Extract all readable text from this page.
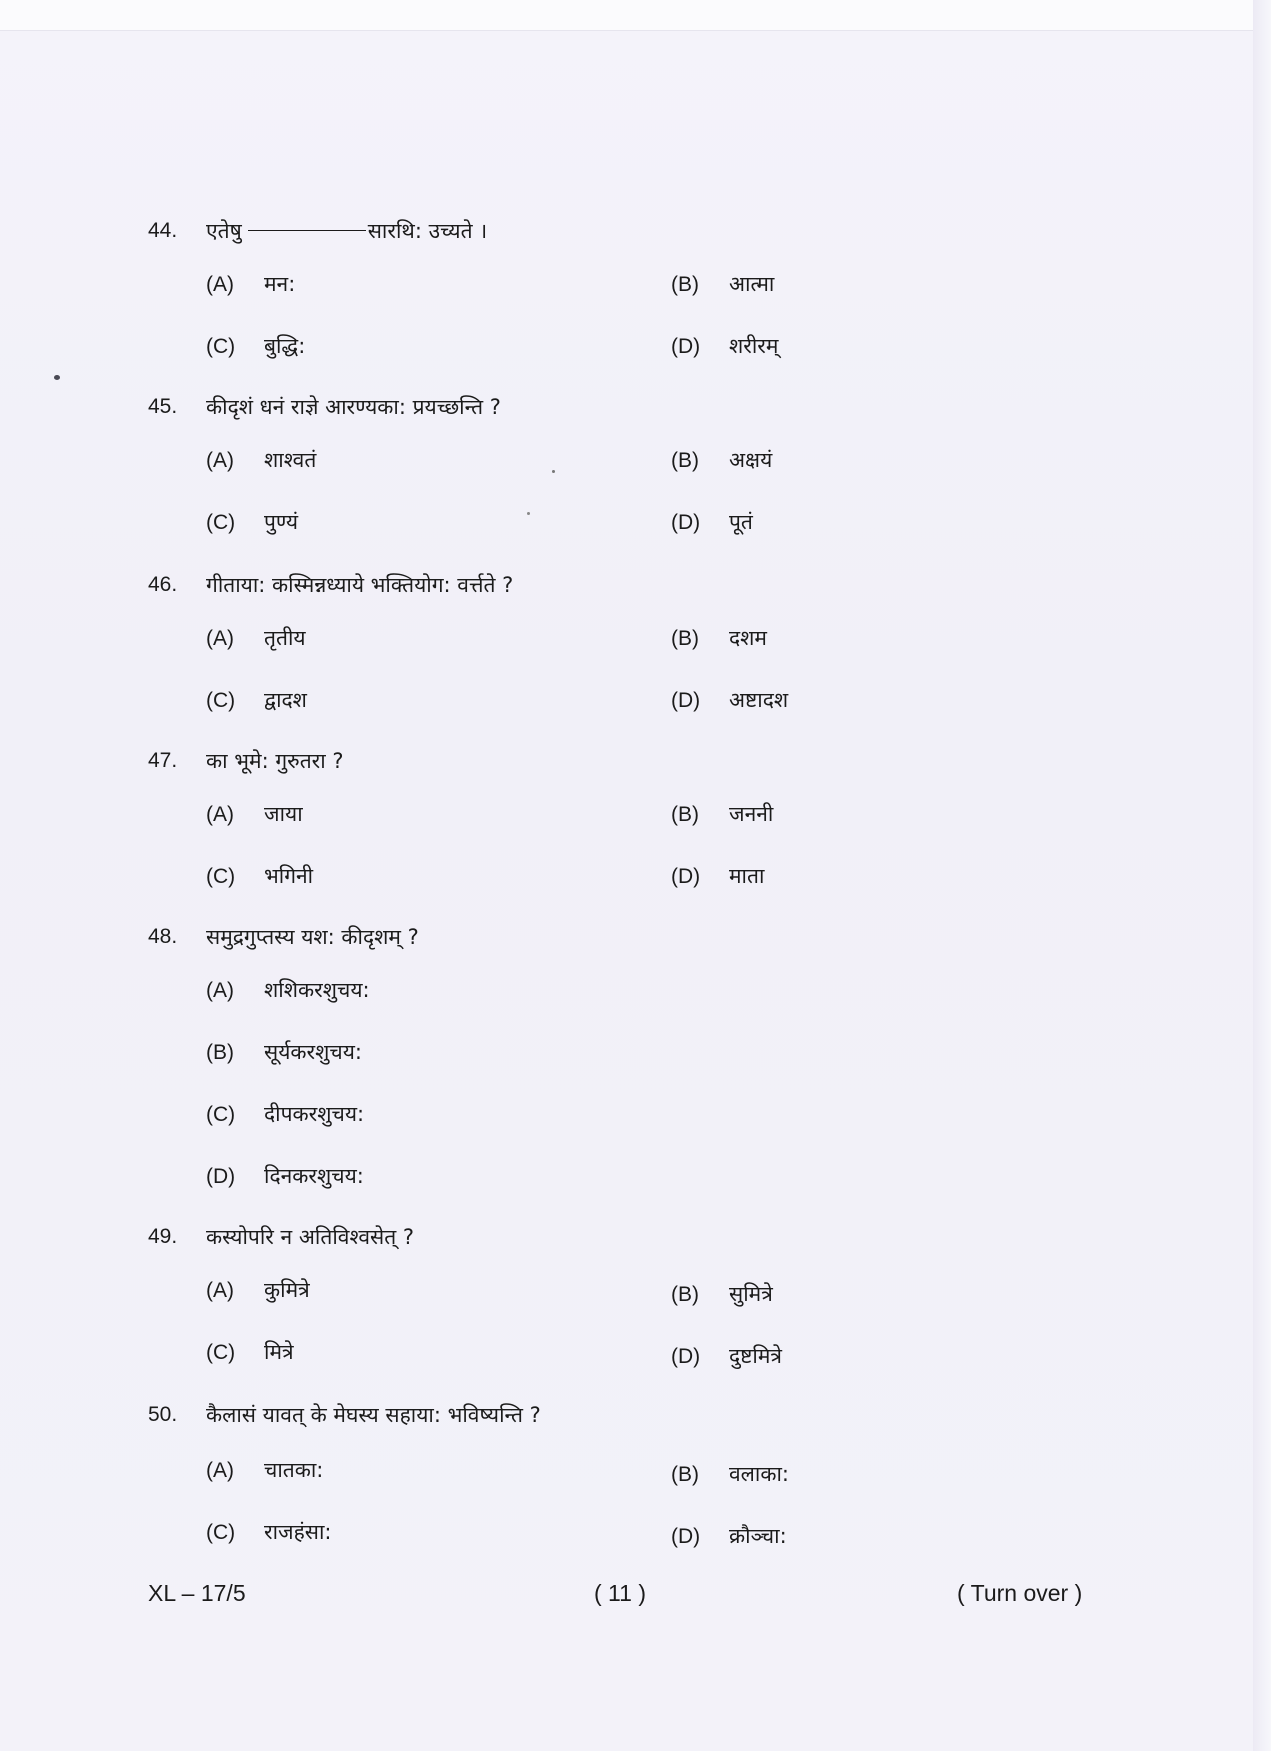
44. एतेषु	सारथि: उच्यते ।
(A) मन:	(B) आत्मा
(C) बुद्धि:	(D) शरीरम्
45. कीदृशं धनं राज्ञे आरण्यका: प्रयच्छन्ति ?
(A) शाश्वतं	(B) अक्षयं
(C) पुण्यं	(D) पूतं
46. गीताया: कस्मिन्नध्याये भक्तियोग: वर्त्तते ?
(A) तृतीय	(B) दशम
(C) द्वादश	(D) अष्टादश
47. का भूमे: गुरुतरा ?
(A) जाया	(B) जननी
(C) भगिनी	(D) माता
48. समुद्रगुप्तस्य यश: कीदृशम् ?
(A) शशिकरशुचय:
(B) सूर्यकरशुचय:
(C) दीपकरशुचय:
(D) दिनकरशुचय:
49. कस्योपरि न अतिविश्वसेत् ?
(A) कुमित्रे	(B) सुमित्रे
(C) मित्रे	(D) दुष्टमित्रे
50. कैलासं यावत् के मेघस्य सहाया: भविष्यन्ति ?
(A) चातका:	(B) वलाका:
(C) राजहंसा:	(D) क्रौञ्चा:
XL – 17/5	( 11 )	( Turn over )
